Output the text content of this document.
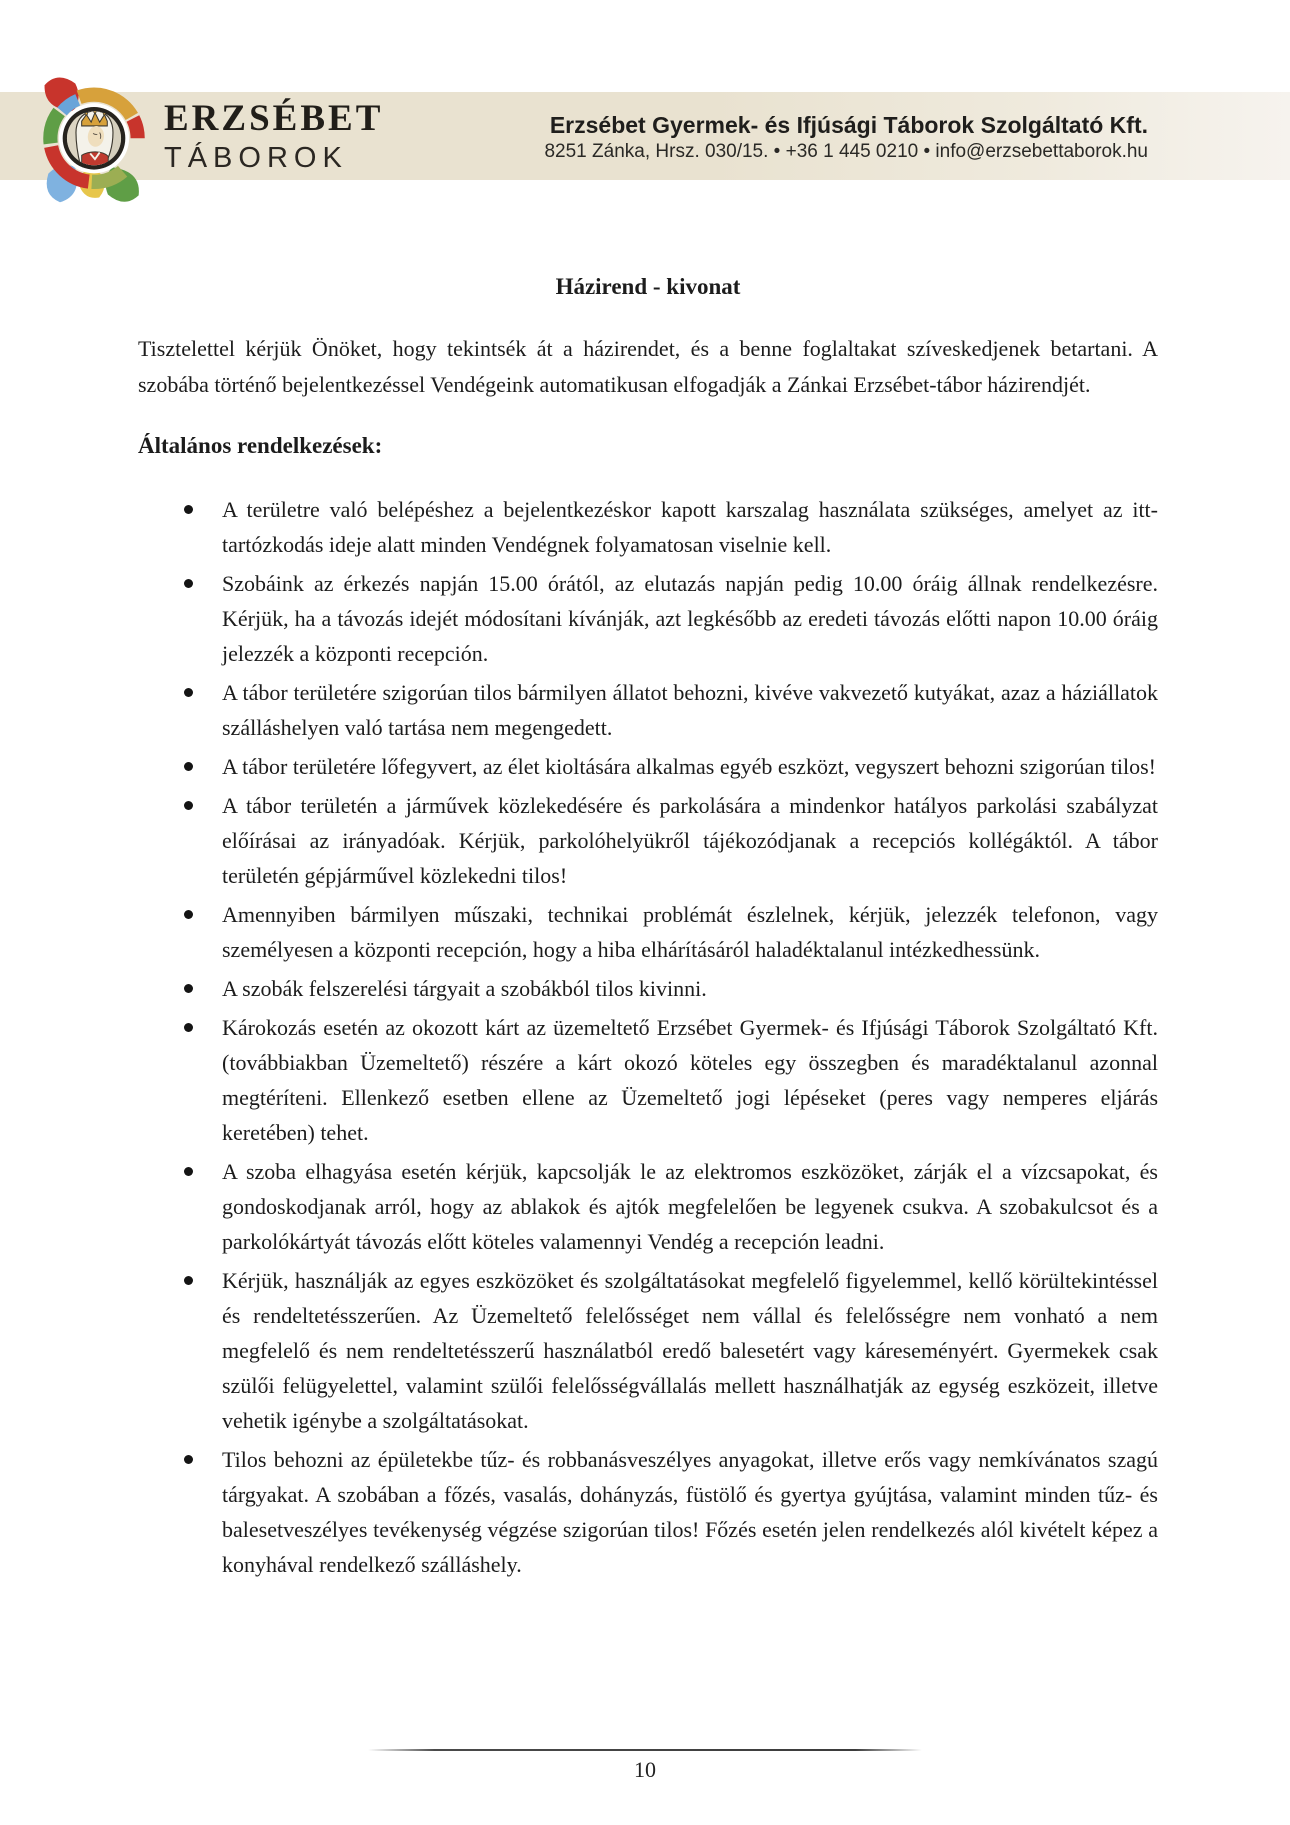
ERZSÉBET
TÁBOROK
Erzsébet Gyermek- és Ifjúsági Táborok Szolgáltató Kft.
8251 Zánka, Hrsz. 030/15. • +36 1 445 0210 • info@erzsebettaborok.hu
Házirend - kivonat

Tisztelettel kérjük Önöket, hogy tekintsék át a házirendet, és a benne foglaltakat szíveskedjenek betartani. A szobába történő bejelentkezéssel Vendégeink automatikusan elfogadják a Zánkai Erzsébet-tábor házirendjét.

Általános rendelkezések:
A területre való belépéshez a bejelentkezéskor kapott karszalag használata szükséges, amelyet az itt-tartózkodás ideje alatt minden Vendégnek folyamatosan viselnie kell.
Szobáink az érkezés napján 15.00 órától, az elutazás napján pedig 10.00 óráig állnak rendelkezésre. Kérjük, ha a távozás idejét módosítani kívánják, azt legkésőbb az eredeti távozás előtti napon 10.00 óráig jelezzék a központi recepción.
A tábor területére szigorúan tilos bármilyen állatot behozni, kivéve vakvezető kutyákat, azaz a háziállatok szálláshelyen való tartása nem megengedett.
A tábor területére lőfegyvert, az élet kioltására alkalmas egyéb eszközt, vegyszert behozni szigorúan tilos!
A tábor területén a járművek közlekedésére és parkolására a mindenkor hatályos parkolási szabályzat előírásai az irányadóak. Kérjük, parkolóhelyükről tájékozódjanak a recepciós kollégáktól. A tábor területén gépjárművel közlekedni tilos!
Amennyiben bármilyen műszaki, technikai problémát észlelnek, kérjük, jelezzék telefonon, vagy személyesen a központi recepción, hogy a hiba elhárításáról haladéktalanul intézkedhessünk.
A szobák felszerelési tárgyait a szobákból tilos kivinni.
Károkozás esetén az okozott kárt az üzemeltető Erzsébet Gyermek- és Ifjúsági Táborok Szolgáltató Kft. (továbbiakban Üzemeltető) részére a kárt okozó köteles egy összegben és maradéktalanul azonnal megtéríteni. Ellenkező esetben ellene az Üzemeltető jogi lépéseket (peres vagy nemperes eljárás keretében) tehet.
A szoba elhagyása esetén kérjük, kapcsolják le az elektromos eszközöket, zárják el a vízcsapokat, és gondoskodjanak arról, hogy az ablakok és ajtók megfelelően be legyenek csukva. A szobakulcsot és a parkolókártyát távozás előtt köteles valamennyi Vendég a recepción leadni.
Kérjük, használják az egyes eszközöket és szolgáltatásokat megfelelő figyelemmel, kellő körültekintéssel és rendeltetésszerűen. Az Üzemeltető felelősséget nem vállal és felelősségre nem vonható a nem megfelelő és nem rendeltetésszerű használatból eredő balesetért vagy káreseményért. Gyermekek csak szülői felügyelettel, valamint szülői felelősségvállalás mellett használhatják az egység eszközeit, illetve vehetik igénybe a szolgáltatásokat.
Tilos behozni az épületekbe tűz- és robbanásveszélyes anyagokat, illetve erős vagy nemkívánatos szagú tárgyakat. A szobában a főzés, vasalás, dohányzás, füstölő és gyertya gyújtása, valamint minden tűz- és balesetveszélyes tevékenység végzése szigorúan tilos! Főzés esetén jelen rendelkezés alól kivételt képez a konyhával rendelkező szálláshely.
10
